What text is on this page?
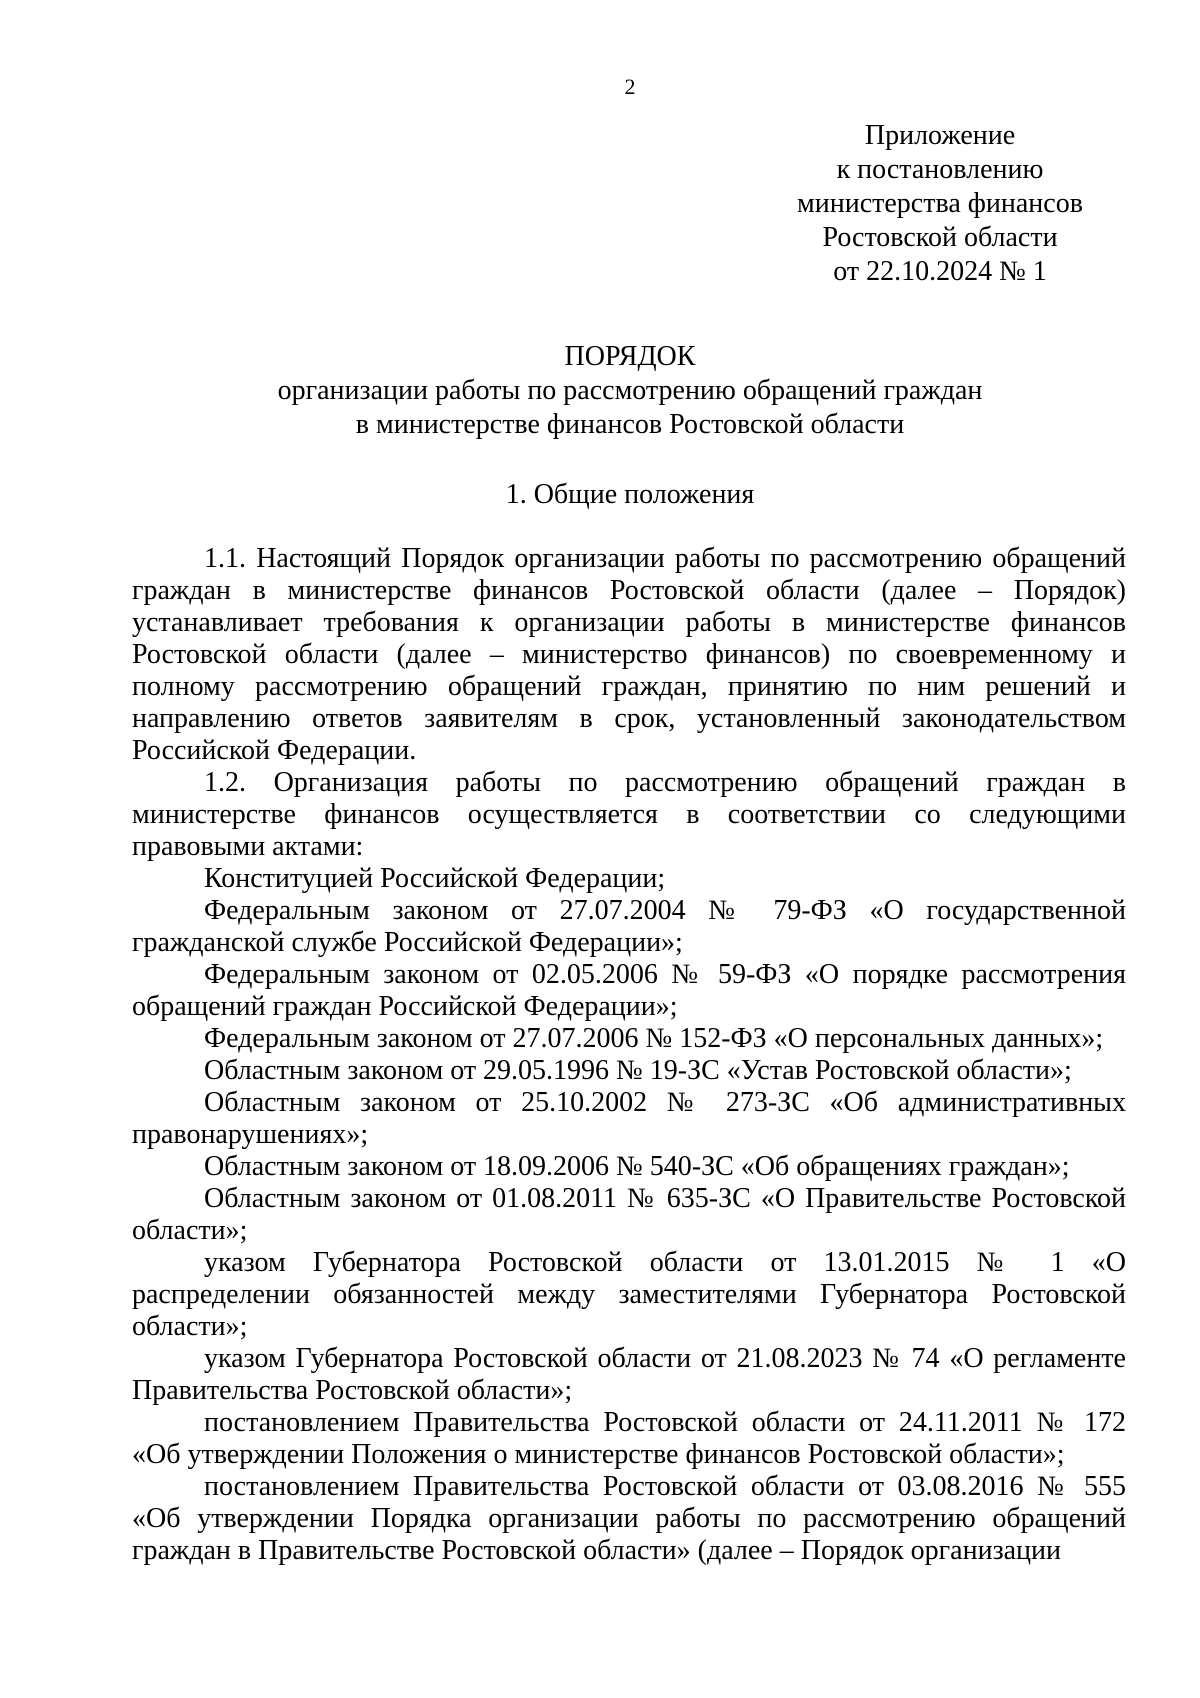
2
Приложение
к постановлению
министерства финансов
Ростовской области
от 22.10.2024 № 1
ПОРЯДОК
организации работы по рассмотрению обращений граждан
в министерстве финансов Ростовской области
1. Общие положения

1.1. Настоящий Порядок организации работы по рассмотрению обращений граждан в министерстве финансов Ростовской области (далее – Порядок) устанавливает требования к организации работы в министерстве финансов Ростовской области (далее – министерство финансов) по своевременному и полному рассмотрению обращений граждан, принятию по ним решений и направлению ответов заявителям в срок, установленный законодательством Российской Федерации.

1.2. Организация работы по рассмотрению обращений граждан в министерстве финансов осуществляется в соответствии со следующими правовыми актами:

Конституцией Российской Федерации;

Федеральным законом от 27.07.2004 № 79-ФЗ «О государственной гражданской службе Российской Федерации»;

Федеральным законом от 02.05.2006 № 59-ФЗ «О порядке рассмотрения обращений граждан Российской Федерации»;

Федеральным законом от 27.07.2006 № 152-ФЗ «О персональных данных»;

Областным законом от 29.05.1996 № 19-ЗС «Устав Ростовской области»;

Областным законом от 25.10.2002 № 273-ЗС «Об административных правонарушениях»;

Областным законом от 18.09.2006 № 540-ЗС «Об обращениях граждан»;

Областным законом от 01.08.2011 № 635-ЗС «О Правительстве Ростовской области»;

указом Губернатора Ростовской области от 13.01.2015 № 1 «О распределении обязанностей между заместителями Губернатора Ростовской области»;

указом Губернатора Ростовской области от 21.08.2023 № 74 «О регламенте Правительства Ростовской области»;

постановлением Правительства Ростовской области от 24.11.2011 № 172 «Об утверждении Положения о министерстве финансов Ростовской области»;

постановлением Правительства Ростовской области от 03.08.2016 № 555 «Об утверждении Порядка организации работы по рассмотрению обращений граждан в Правительстве Ростовской области» (далее – Порядок организации
